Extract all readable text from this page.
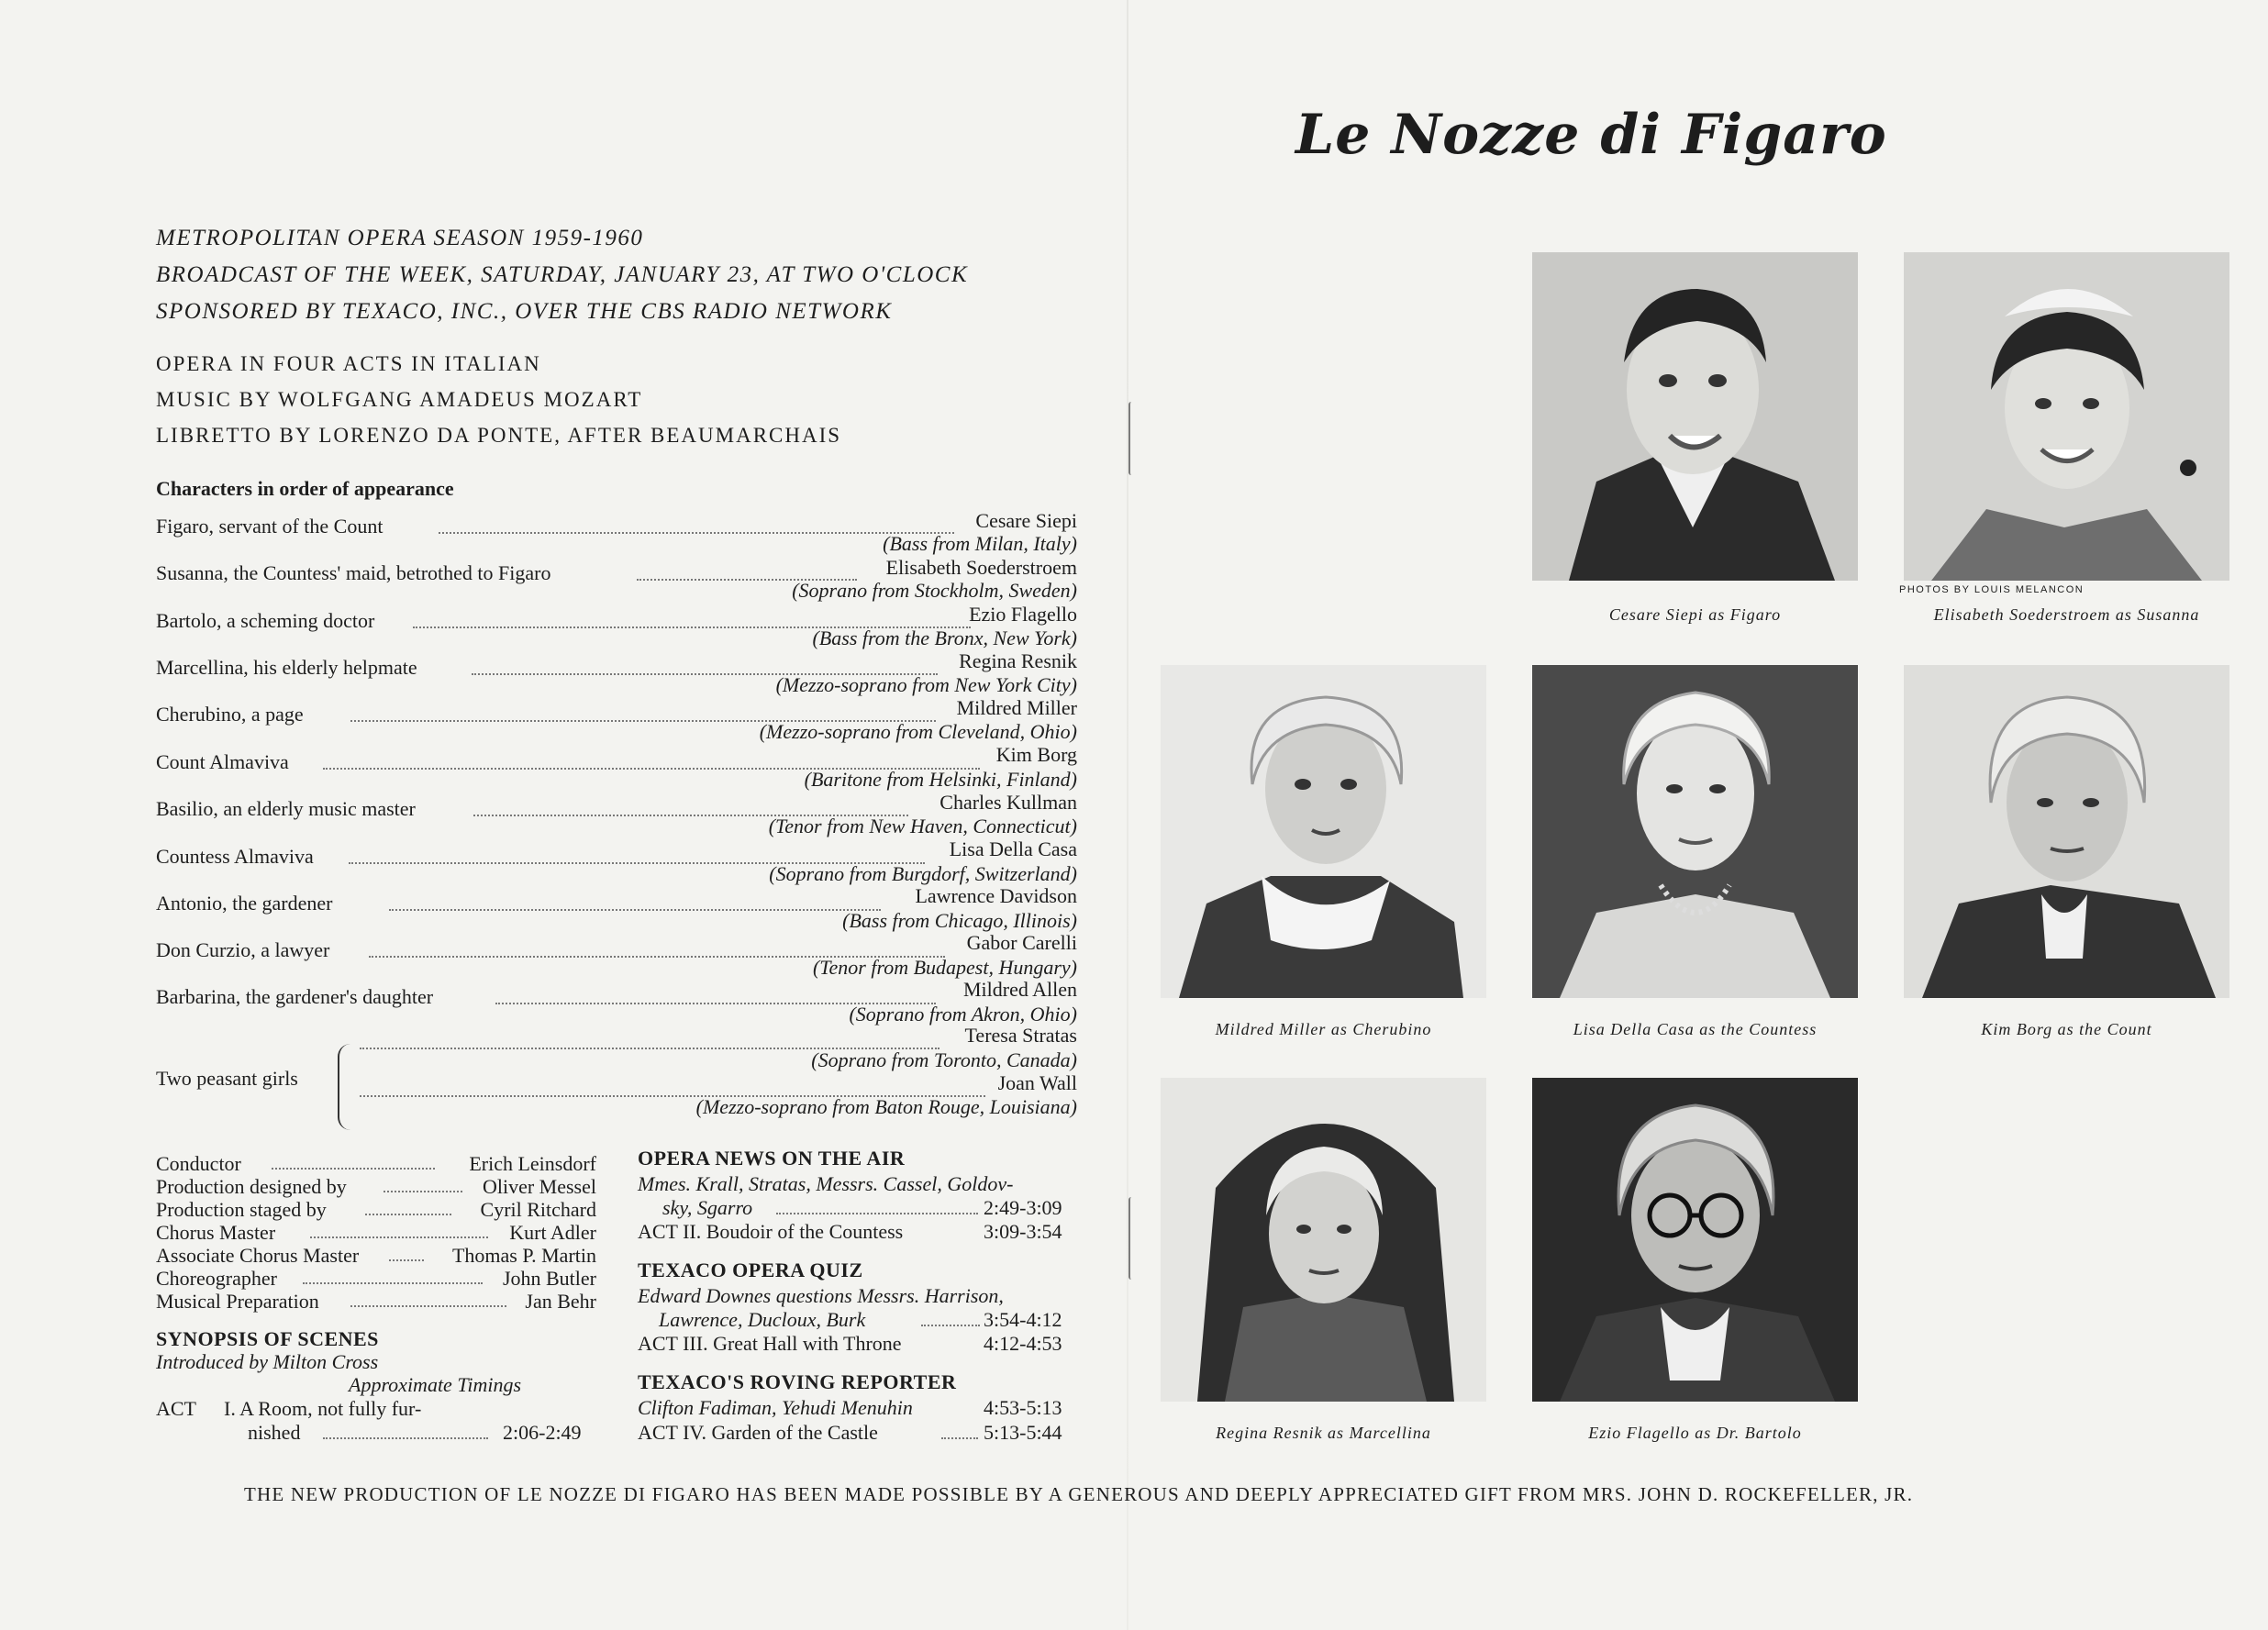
METROPOLITAN OPERA SEASON 1959-1960
BROADCAST OF THE WEEK, SATURDAY, JANUARY 23, AT TWO O'CLOCK
SPONSORED BY TEXACO, INC., OVER THE CBS RADIO NETWORK
OPERA IN FOUR ACTS IN ITALIAN
MUSIC BY WOLFGANG AMADEUS MOZART
LIBRETTO BY LORENZO DA PONTE, AFTER BEAUMARCHAIS
Characters in order of appearance
Figaro, servant of the Count	Cesare Siepi
(Bass from Milan, Italy)
Susanna, the Countess' maid, betrothed to Figaro	Elisabeth Soederstroem
(Soprano from Stockholm, Sweden)
Bartolo, a scheming doctor	Ezio Flagello
(Bass from the Bronx, New York)
Marcellina, his elderly helpmate	Regina Resnik
(Mezzo-soprano from New York City)
Cherubino, a page	Mildred Miller
(Mezzo-soprano from Cleveland, Ohio)
Count Almaviva	Kim Borg
(Baritone from Helsinki, Finland)
Basilio, an elderly music master	Charles Kullman
(Tenor from New Haven, Connecticut)
Countess Almaviva	Lisa Della Casa
(Soprano from Burgdorf, Switzerland)
Antonio, the gardener	Lawrence Davidson
(Bass from Chicago, Illinois)
Don Curzio, a lawyer	Gabor Carelli
(Tenor from Budapest, Hungary)
Barbarina, the gardener's daughter	Mildred Allen
(Soprano from Akron, Ohio)
Two peasant girls
Teresa Stratas
(Soprano from Toronto, Canada)
Joan Wall
(Mezzo-soprano from Baton Rouge, Louisiana)
Conductor	Erich Leinsdorf
Production designed by	Oliver Messel
Production staged by	Cyril Ritchard
Chorus Master	Kurt Adler
Associate Chorus Master	Thomas P. Martin
Choreographer	John Butler
Musical Preparation	Jan Behr
SYNOPSIS OF SCENES
Introduced by Milton Cross
Approximate Timings
ACT I. A Room, not fully fur-
nished	2:06-2:49
OPERA NEWS ON THE AIR
Mmes. Krall, Stratas, Messrs. Cassel, Goldov-
sky, Sgarro	2:49-3:09
ACT II. Boudoir of the Countess	3:09-3:54
TEXACO OPERA QUIZ
Edward Downes questions Messrs. Harrison,
Lawrence, Ducloux, Burk	3:54-4:12
ACT III. Great Hall with Throne	4:12-4:53
TEXACO'S ROVING REPORTER
Clifton Fadiman, Yehudi Menuhin	4:53-5:13
ACT IV. Garden of the Castle	5:13-5:44
Le Nozze di Figaro
Cesare Siepi as Figaro
PHOTOS BY LOUIS MELANCON
Elisabeth Soederstroem as Susanna
Mildred Miller as Cherubino	Lisa Della Casa as the Countess	Kim Borg as the Count
Regina Resnik as Marcellina	Ezio Flagello as Dr. Bartolo
THE NEW PRODUCTION OF LE NOZZE DI FIGARO HAS BEEN MADE POSSIBLE BY A GENEROUS AND DEEPLY APPRECIATED GIFT FROM MRS. JOHN D. ROCKEFELLER, JR.
